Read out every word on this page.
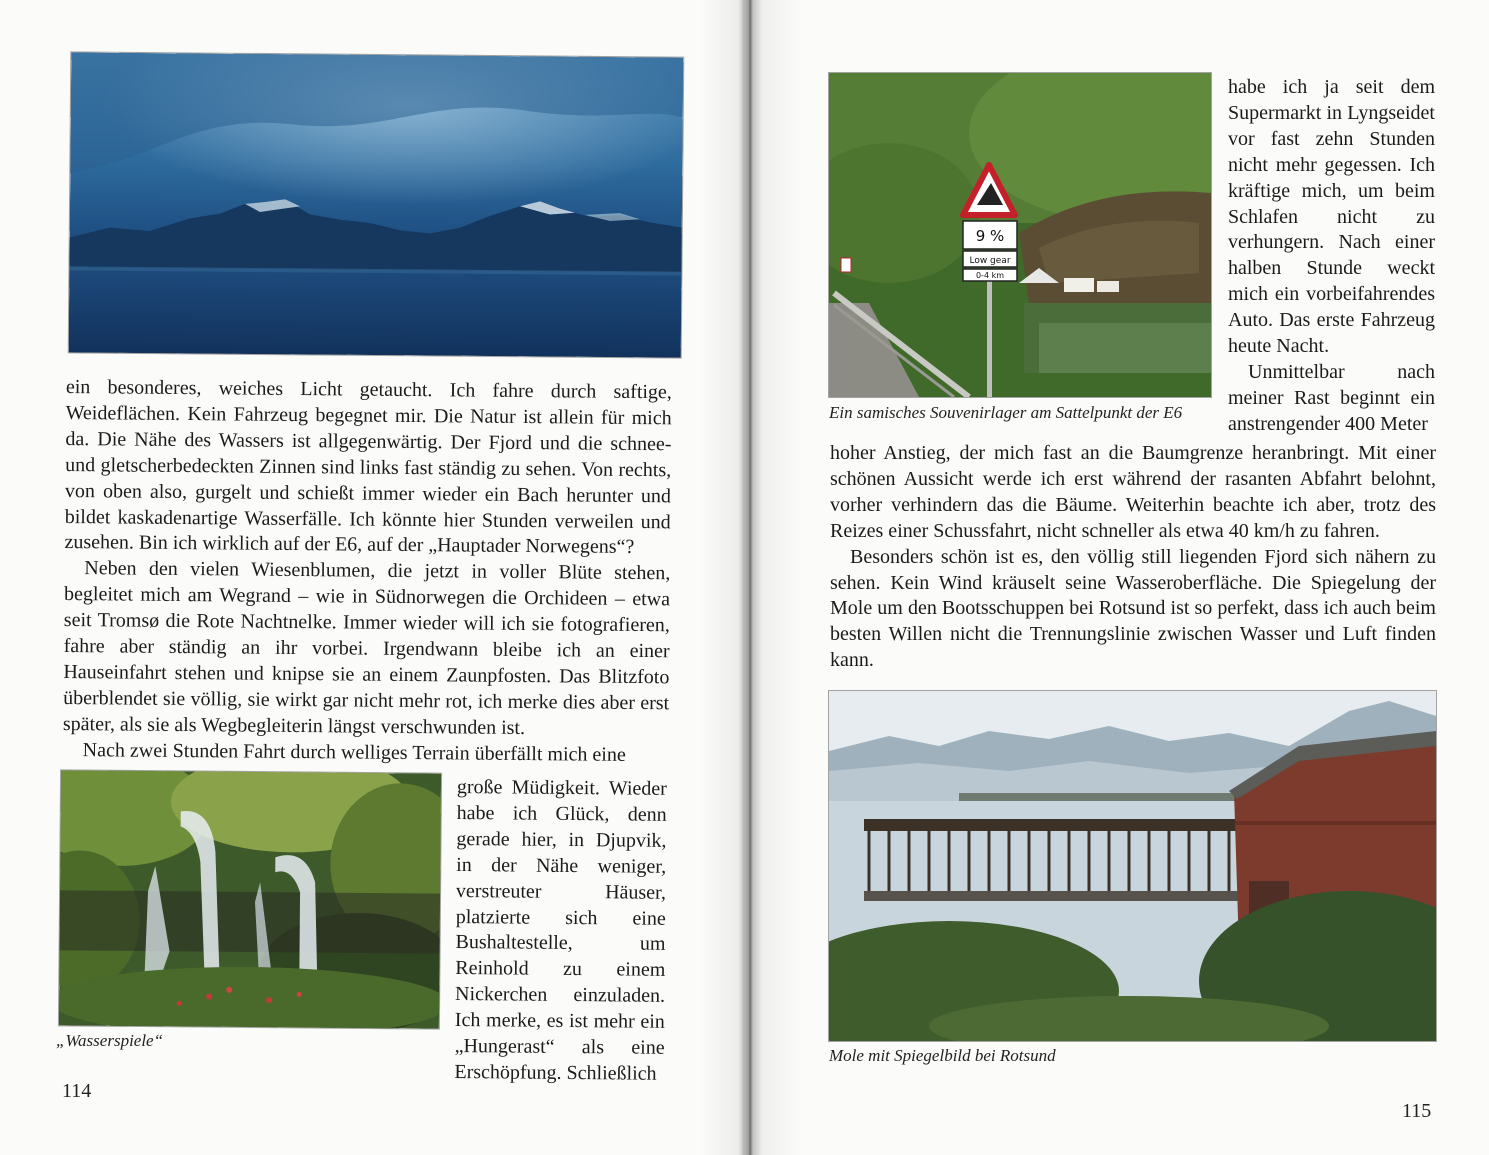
ein besonderes, weiches Licht getaucht. Ich fahre durch saftige, Weideflächen. Kein Fahrzeug begegnet mir. Die Natur ist allein für mich da. Die Nähe des Wassers ist allgegenwärtig. Der Fjord und die schnee- und gletscherbedeckten Zinnen sind links fast ständig zu sehen. Von rechts, von oben also, gurgelt und schießt immer wieder ein Bach herunter und bildet kaskadenartige Wasserfälle. Ich könnte hier Stunden verweilen und zusehen. Bin ich wirklich auf der E6, auf der „Hauptader Norwegens“?

Neben den vielen Wiesenblumen, die jetzt in voller Blüte stehen, begleitet mich am Wegrand – wie in Südnorwegen die Orchideen – etwa seit Tromsø die Rote Nachtnelke. Immer wieder will ich sie fotografieren, fahre aber ständig an ihr vorbei. Irgendwann bleibe ich an einer Hauseinfahrt stehen und knipse sie an einem Zaunpfosten. Das Blitzfoto überblendet sie völlig, sie wirkt gar nicht mehr rot, ich merke dies aber erst später, als sie als Wegbegleiterin längst verschwunden ist.

Nach zwei Stunden Fahrt durch welliges Terrain überfällt mich eine

„Wasserspiele“

große Müdigkeit. Wieder habe ich Glück, denn gerade hier, in Djupvik, in der Nähe weniger, verstreuter Häuser, platzierte sich eine Bushaltestelle, um Reinhold zu einem Nickerchen einzuladen. Ich merke, es ist mehr ein „Hungerast“ als eine Erschöpfung. Schließlich

114
9 %
Low gear
0-4 km
Ein samisches Souvenirlager am Sattelpunkt der E6

habe ich ja seit dem Supermarkt in Lyngseidet vor fast zehn Stunden nicht mehr gegessen. Ich kräftige mich, um beim Schlafen nicht zu verhungern. Nach einer halben Stunde weckt mich ein vorbeifahrendes Auto. Das erste Fahrzeug heute Nacht.

Unmittelbar nach meiner Rast beginnt ein anstrengender 400 Meter

hoher Anstieg, der mich fast an die Baumgrenze heranbringt. Mit einer schönen Aussicht werde ich erst während der rasanten Abfahrt belohnt, vorher verhindern das die Bäume. Weiterhin beachte ich aber, trotz des Reizes einer Schussfahrt, nicht schneller als etwa 40 km/h zu fahren.

Besonders schön ist es, den völlig still liegenden Fjord sich nähern zu sehen. Kein Wind kräuselt seine Wasseroberfläche. Die Spiegelung der Mole um den Bootsschuppen bei Rotsund ist so perfekt, dass ich auch beim besten Willen nicht die Trennungslinie zwischen Wasser und Luft finden kann.

Mole mit Spiegelbild bei Rotsund
115
